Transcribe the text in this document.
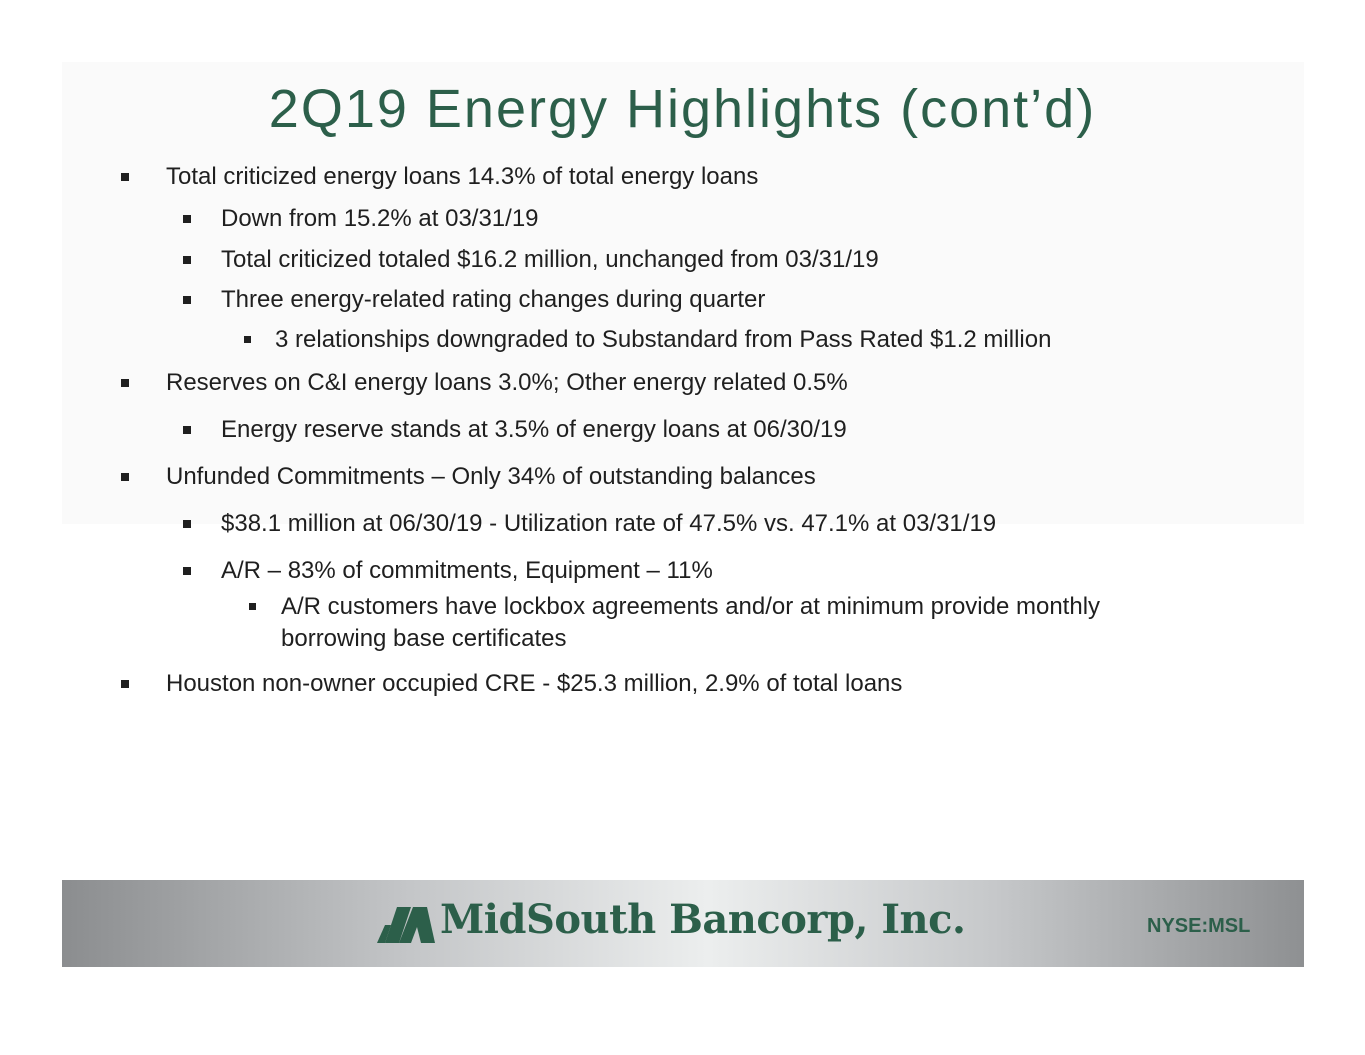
2Q19 Energy Highlights (cont’d)
Total criticized energy loans 14.3% of total energy loans
Down from 15.2% at 03/31/19
Total criticized totaled $16.2 million, unchanged from 03/31/19
Three energy-related rating changes during quarter
3 relationships downgraded to Substandard from Pass Rated $1.2 million
Reserves on C&I energy loans 3.0%; Other energy related 0.5%
Energy reserve stands at 3.5% of energy loans at 06/30/19
Unfunded Commitments – Only 34% of outstanding balances
$38.1 million at 06/30/19 - Utilization rate of 47.5% vs. 47.1% at 03/31/19
A/R – 83% of commitments, Equipment – 11%
A/R customers have lockbox agreements and/or at minimum provide monthly
borrowing base certificates
Houston non-owner occupied CRE - $25.3 million, 2.9% of total loans
MidSouth Bancorp, Inc.	NYSE:MSL
